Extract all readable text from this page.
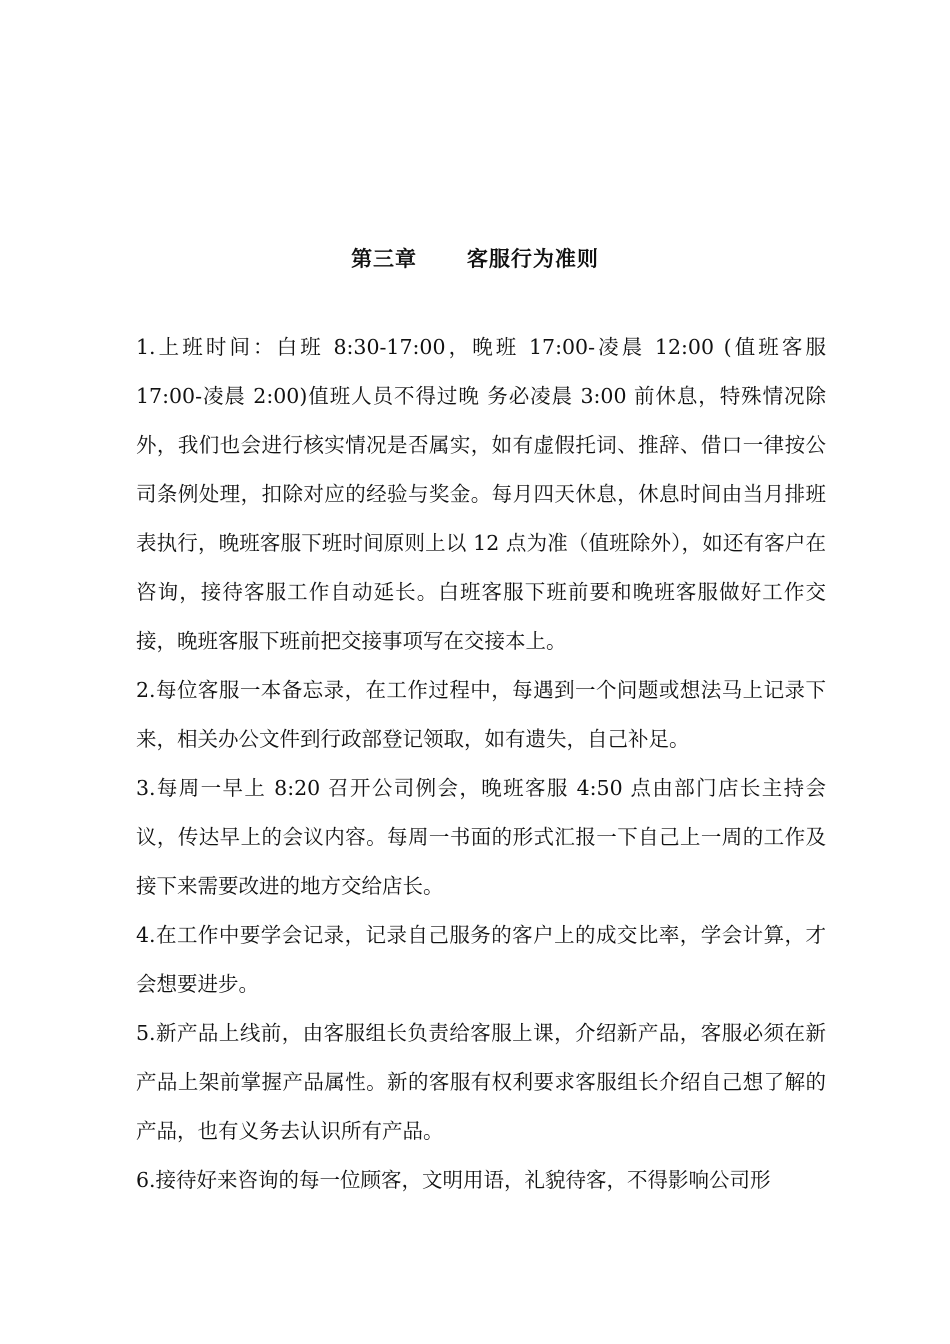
第三章      客服行为准则

1.上班时间：白班 8:30-17:00，晚班 17:00-凌晨 12:00 (值班客服 17:00-凌晨 2:00)值班人员不得过晚 务必凌晨 3:00 前休息，特殊情况除外，我们也会进行核实情况是否属实，如有虚假托词、推辞、借口一律按公司条例处理，扣除对应的经验与奖金。每月四天休息，休息时间由当月排班表执行，晚班客服下班时间原则上以 12 点为准（值班除外），如还有客户在咨询，接待客服工作自动延长。白班客服下班前要和晚班客服做好工作交接，晚班客服下班前把交接事项写在交接本上。

2.每位客服一本备忘录，在工作过程中，每遇到一个问题或想法马上记录下来，相关办公文件到行政部登记领取，如有遗失，自己补足。

3.每周一早上 8:20 召开公司例会，晚班客服 4:50 点由部门店长主持会议，传达早上的会议内容。每周一书面的形式汇报一下自己上一周的工作及接下来需要改进的地方交给店长。

4.在工作中要学会记录，记录自己服务的客户上的成交比率，学会计算，才会想要进步。

5.新产品上线前，由客服组长负责给客服上课，介绍新产品，客服必须在新产品上架前掌握产品属性。新的客服有权利要求客服组长介绍自己想了解的产品，也有义务去认识所有产品。

6.接待好来咨询的每一位顾客，文明用语，礼貌待客，不得影响公司形
